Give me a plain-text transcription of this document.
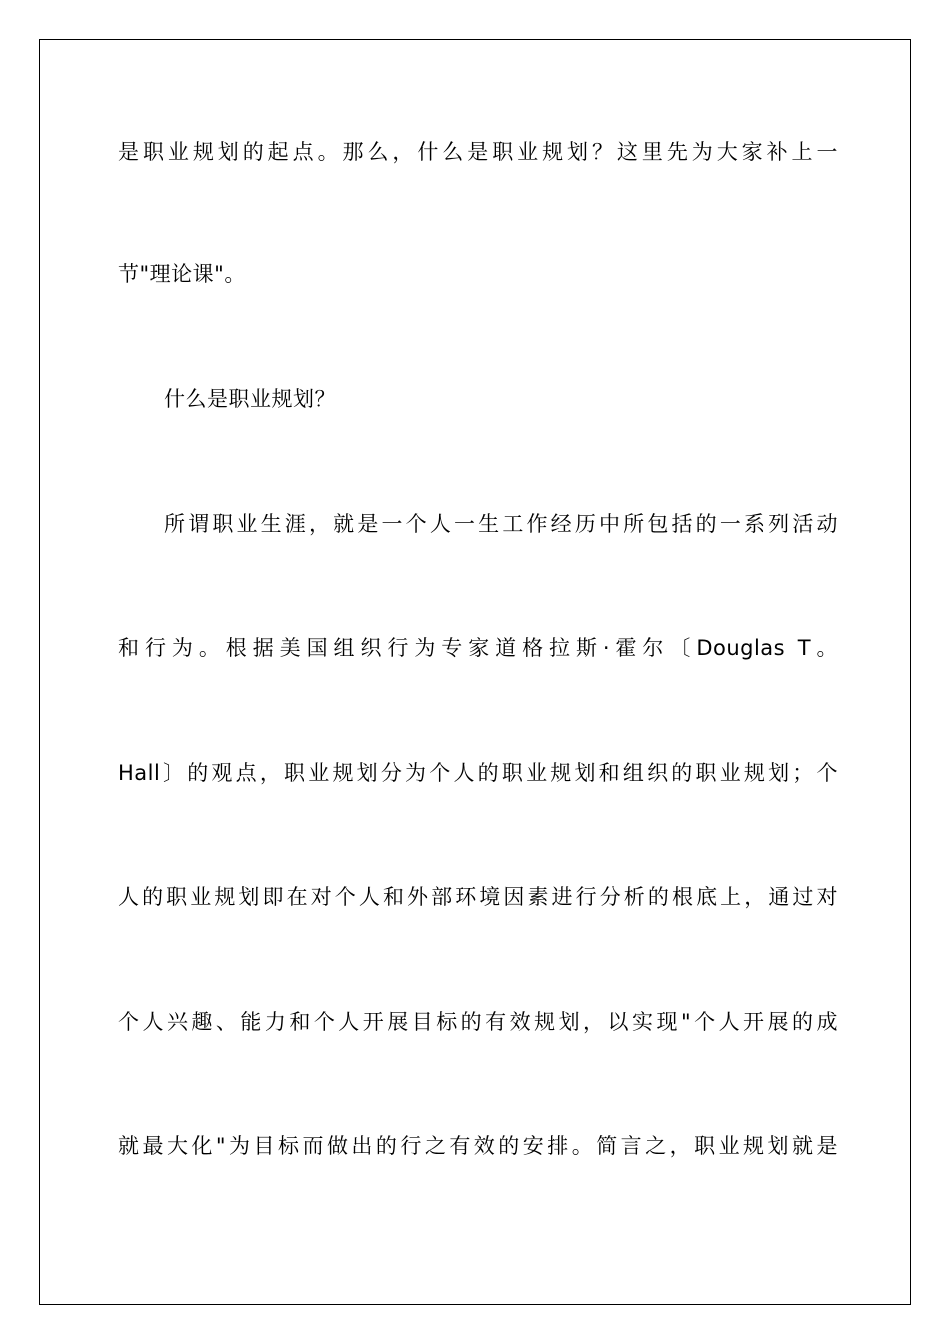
是职业规划的起点。那么，什么是职业规划？这里先为大家补上一
节"理论课"。
什么是职业规划？
所谓职业生涯，就是一个人一生工作经历中所包括的一系列活动
和行为。根据美国组织行为专家道格拉斯·霍尔〔Douglas T。
Hall〕的观点，职业规划分为个人的职业规划和组织的职业规划；个
人的职业规划即在对个人和外部环境因素进行分析的根底上，通过对
个人兴趣、能力和个人开展目标的有效规划，以实现"个人开展的成
就最大化"为目标而做出的行之有效的安排。简言之，职业规划就是
